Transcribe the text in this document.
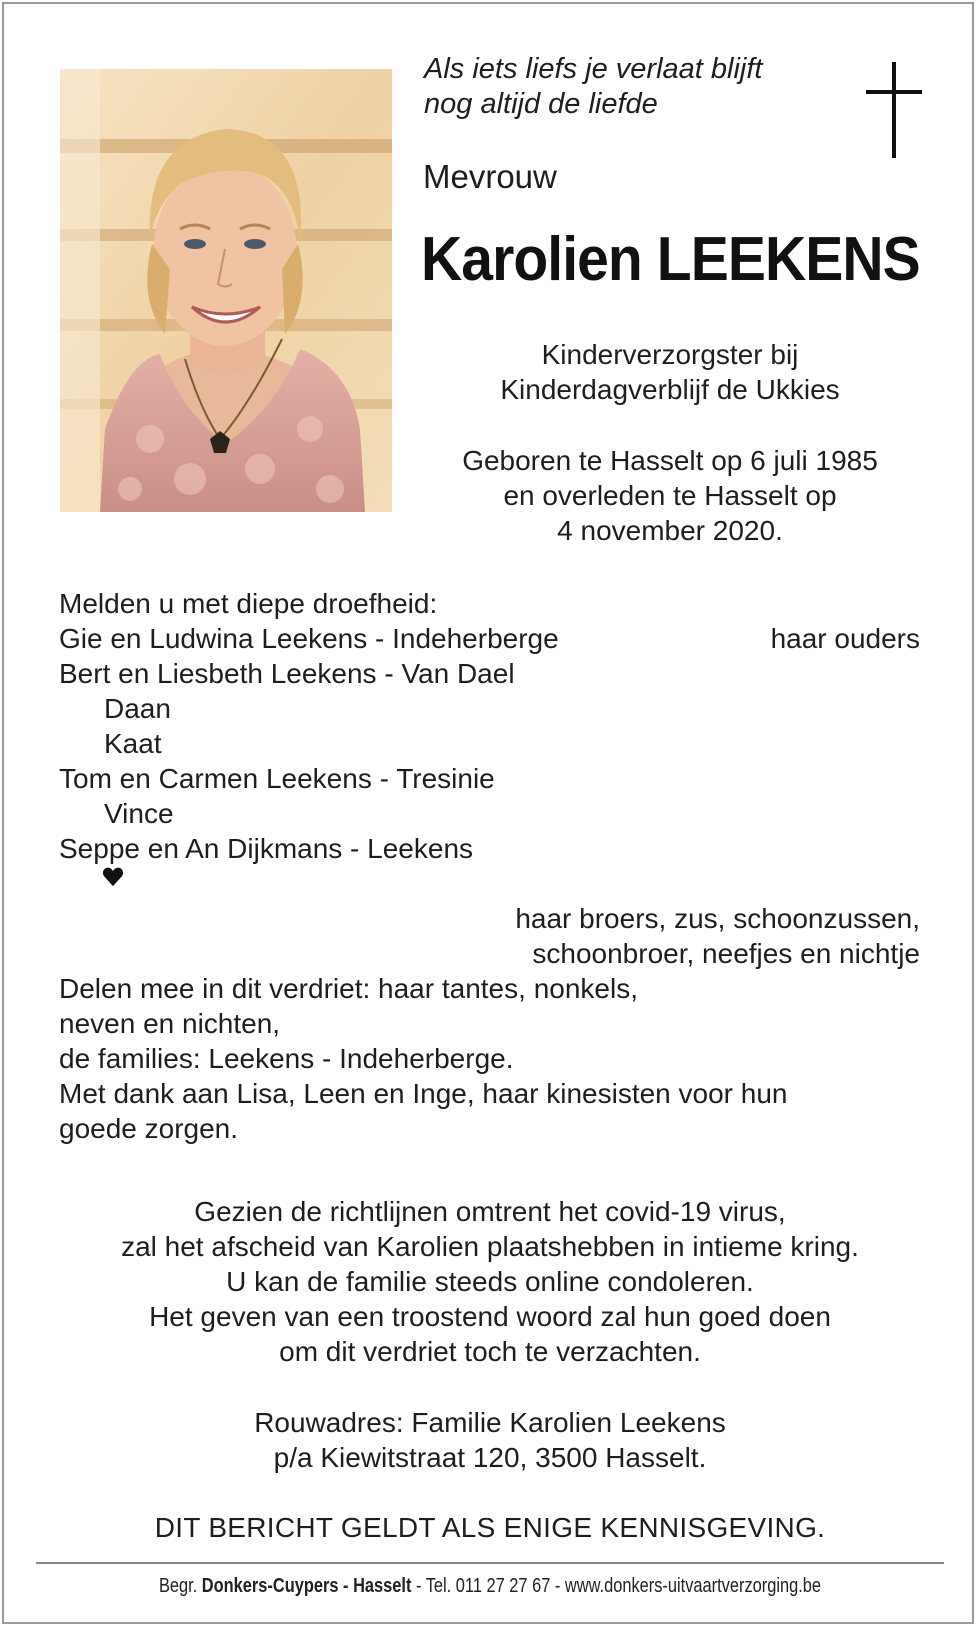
Als iets liefs je verlaat blijft
nog altijd de liefde
Mevrouw
Karolien LEEKENS
Kinderverzorgster bij
Kinderdagverblijf de Ukkies
Geboren te Hasselt op 6 juli 1985
en overleden te Hasselt op
4 november 2020.
Melden u met diepe droefheid:
Gie en Ludwina Leekens - Indeherberge	haar ouders
Bert en Liesbeth Leekens - Van Dael
Daan
Kaat
Tom en Carmen Leekens - Tresinie
Vince
Seppe en An Dijkmans - Leekens
haar broers, zus, schoonzussen,
schoonbroer, neefjes en nichtje
Delen mee in dit verdriet: haar tantes, nonkels,
neven en nichten,
de families: Leekens - Indeherberge.
Met dank aan Lisa, Leen en Inge, haar kinesisten voor hun
goede zorgen.
Gezien de richtlijnen omtrent het covid-19 virus,
zal het afscheid van Karolien plaatshebben in intieme kring.
U kan de familie steeds online condoleren.
Het geven van een troostend woord zal hun goed doen
om dit verdriet toch te verzachten.
Rouwadres: Familie Karolien Leekens
p/a Kiewitstraat 120, 3500 Hasselt.
DIT BERICHT GELDT ALS ENIGE KENNISGEVING.
Begr. Donkers-Cuypers - Hasselt - Tel. 011 27 27 67 - www.donkers-uitvaartverzorging.be
